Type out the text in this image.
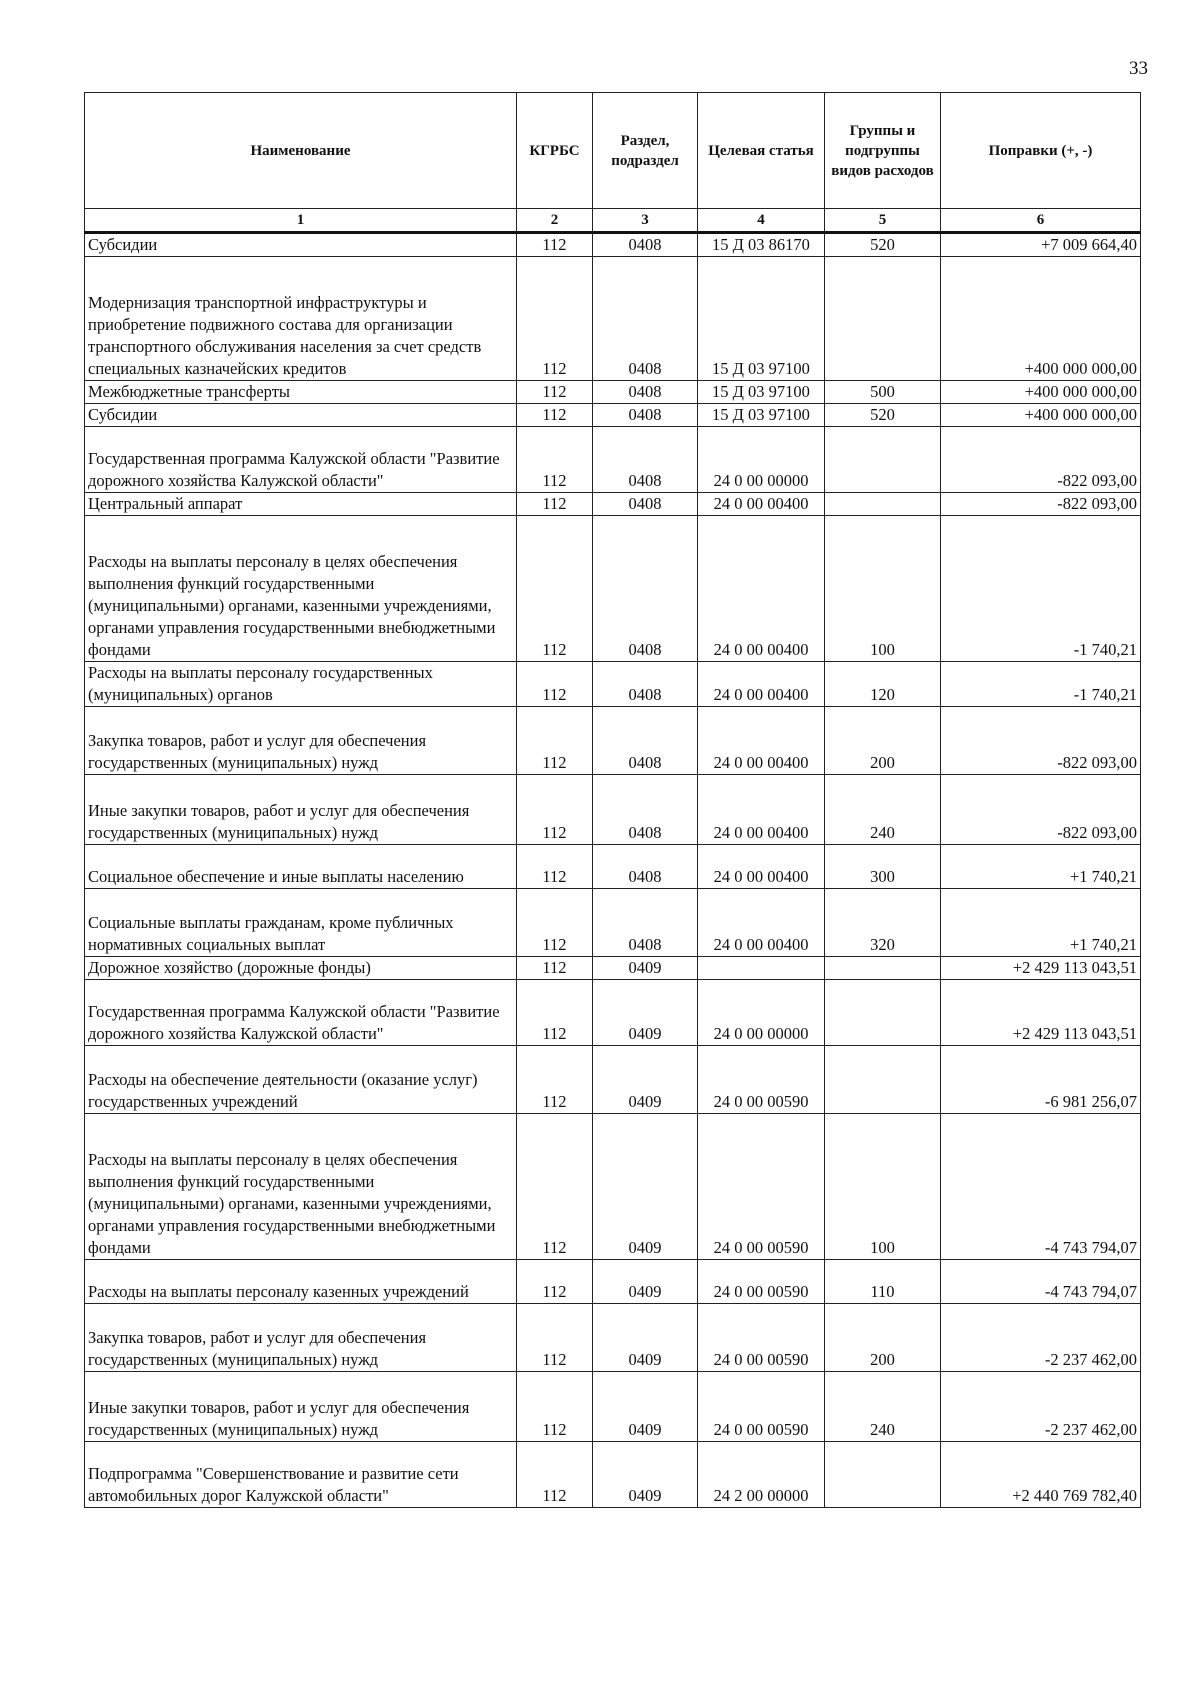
33
Наименование	КГРБС	Раздел, подраздел	Целевая статья	Группы и подгруппы видов расходов	Поправки (+, -)
1	2	3	4	5	6
Субсидии	112	0408	15 Д 03 86170	520	+7 009 664,40
Модернизация транспортной инфраструктуры и приобретение подвижного состава для организации транспортного обслуживания населения за счет средств специальных казначейских кредитов	112	0408	15 Д 03 97100		+400 000 000,00
Межбюджетные трансферты	112	0408	15 Д 03 97100	500	+400 000 000,00
Субсидии	112	0408	15 Д 03 97100	520	+400 000 000,00
Государственная программа Калужской области "Развитие дорожного хозяйства Калужской области"	112	0408	24 0 00 00000		-822 093,00
Центральный аппарат	112	0408	24 0 00 00400		-822 093,00
Расходы на выплаты персоналу в целях обеспечения выполнения функций государственными (муниципальными) органами, казенными учреждениями, органами управления государственными внебюджетными фондами	112	0408	24 0 00 00400	100	-1 740,21
Расходы на выплаты персоналу государственных (муниципальных) органов	112	0408	24 0 00 00400	120	-1 740,21
Закупка товаров, работ и услуг для обеспечения государственных (муниципальных) нужд	112	0408	24 0 00 00400	200	-822 093,00
Иные закупки товаров, работ и услуг для обеспечения государственных (муниципальных) нужд	112	0408	24 0 00 00400	240	-822 093,00
Социальное обеспечение и иные выплаты населению	112	0408	24 0 00 00400	300	+1 740,21
Социальные выплаты гражданам, кроме публичных нормативных социальных выплат	112	0408	24 0 00 00400	320	+1 740,21
Дорожное хозяйство (дорожные фонды)	112	0409			+2 429 113 043,51
Государственная программа Калужской области "Развитие дорожного хозяйства Калужской области"	112	0409	24 0 00 00000		+2 429 113 043,51
Расходы на обеспечение деятельности (оказание услуг) государственных учреждений	112	0409	24 0 00 00590		-6 981 256,07
Расходы на выплаты персоналу в целях обеспечения выполнения функций государственными (муниципальными) органами, казенными учреждениями, органами управления государственными внебюджетными фондами	112	0409	24 0 00 00590	100	-4 743 794,07
Расходы на выплаты персоналу казенных учреждений	112	0409	24 0 00 00590	110	-4 743 794,07
Закупка товаров, работ и услуг для обеспечения государственных (муниципальных) нужд	112	0409	24 0 00 00590	200	-2 237 462,00
Иные закупки товаров, работ и услуг для обеспечения государственных (муниципальных) нужд	112	0409	24 0 00 00590	240	-2 237 462,00
Подпрограмма "Совершенствование и развитие сети автомобильных дорог Калужской области"	112	0409	24 2 00 00000		+2 440 769 782,40
